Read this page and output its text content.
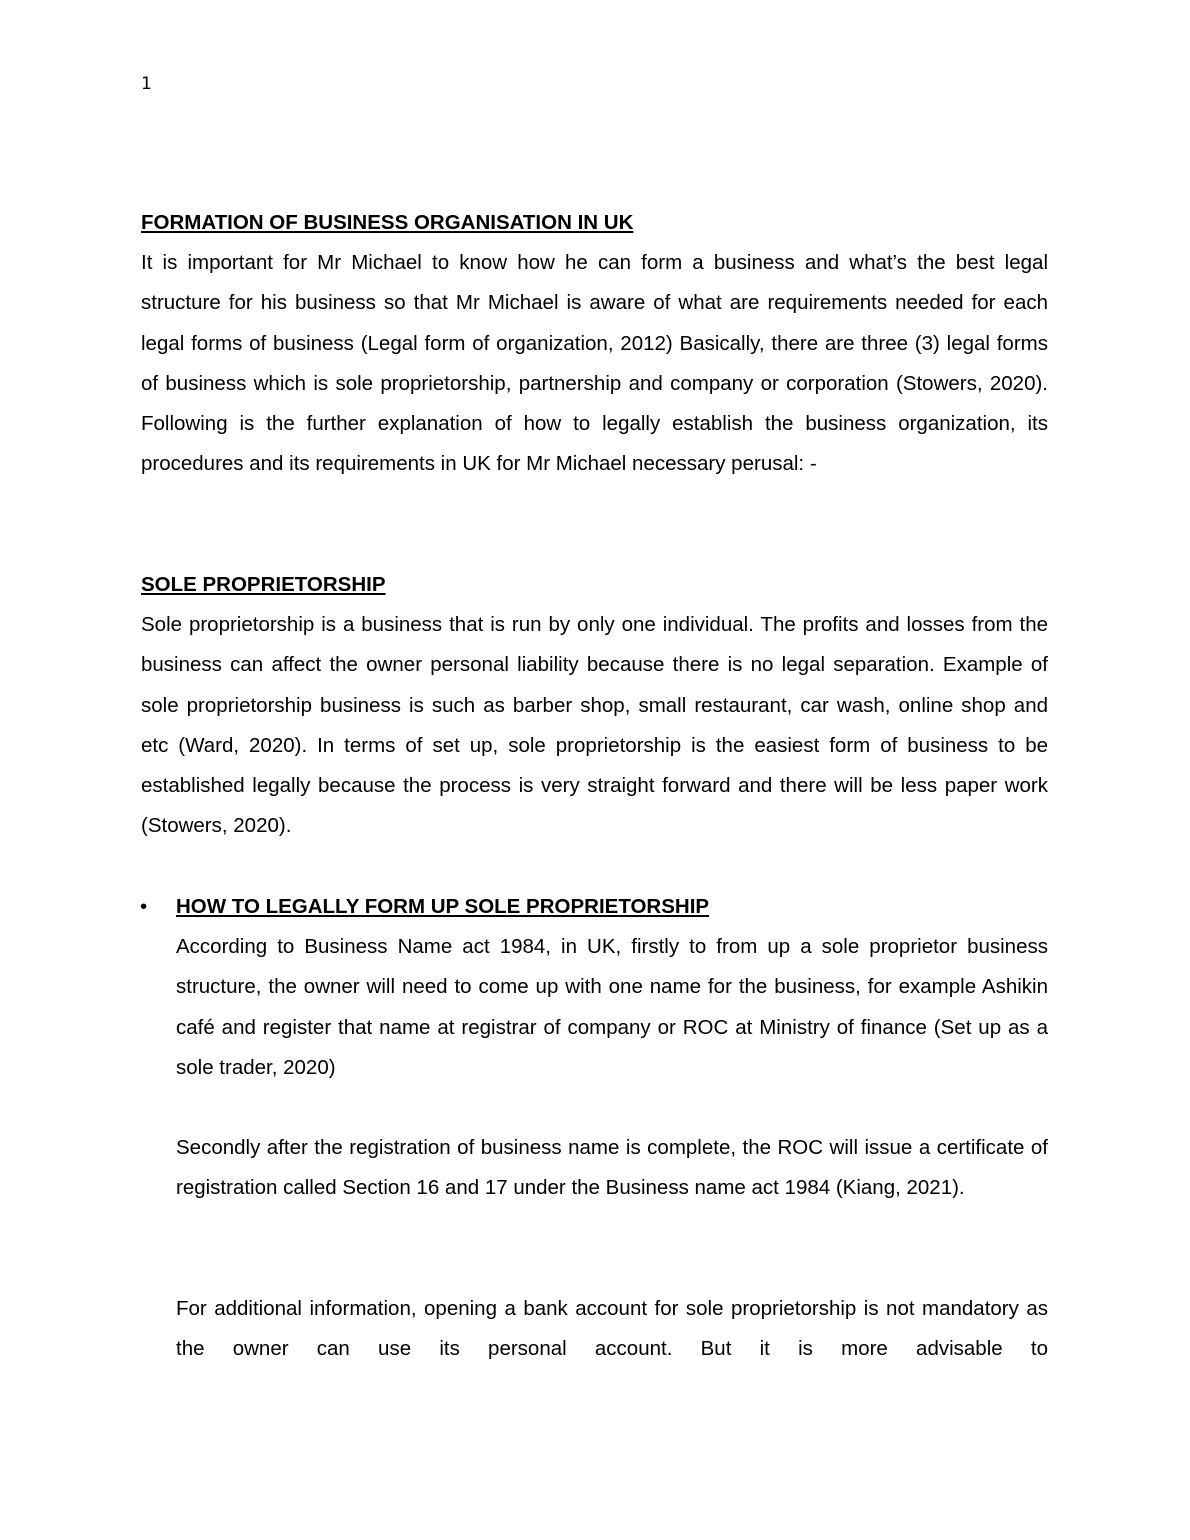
1
FORMATION OF BUSINESS ORGANISATION IN UK

It is important for Mr Michael to know how he can form a business and what’s the best legal structure for his business so that Mr Michael is aware of what are requirements needed for each legal forms of business (Legal form of organization, 2012) Basically, there are three (3) legal forms of business which is sole proprietorship, partnership and company or corporation (Stowers, 2020). Following is the further explanation of how to legally establish the business organization, its procedures and its requirements in UK for Mr Michael necessary perusal: -

SOLE PROPRIETORSHIP

Sole proprietorship is a business that is run by only one individual. The profits and losses from the business can affect the owner personal liability because there is no legal separation. Example of sole proprietorship business is such as barber shop, small restaurant, car wash, online shop and etc (Ward, 2020). In terms of set up, sole proprietorship is the easiest form of business to be established legally because the process is very straight forward and there will be less paper work (Stowers, 2020).

• HOW TO LEGALLY FORM UP SOLE PROPRIETORSHIP

According to Business Name act 1984, in UK, firstly to from up a sole proprietor business structure, the owner will need to come up with one name for the business, for example Ashikin café and register that name at registrar of company or ROC at Ministry of finance (Set up as a sole trader, 2020)

Secondly after the registration of business name is complete, the ROC will issue a certificate of registration called Section 16 and 17 under the Business name act 1984 (Kiang, 2021).

For additional information, opening a bank account for sole proprietorship is not mandatory as the owner can use its personal account. But it is more advisable to
